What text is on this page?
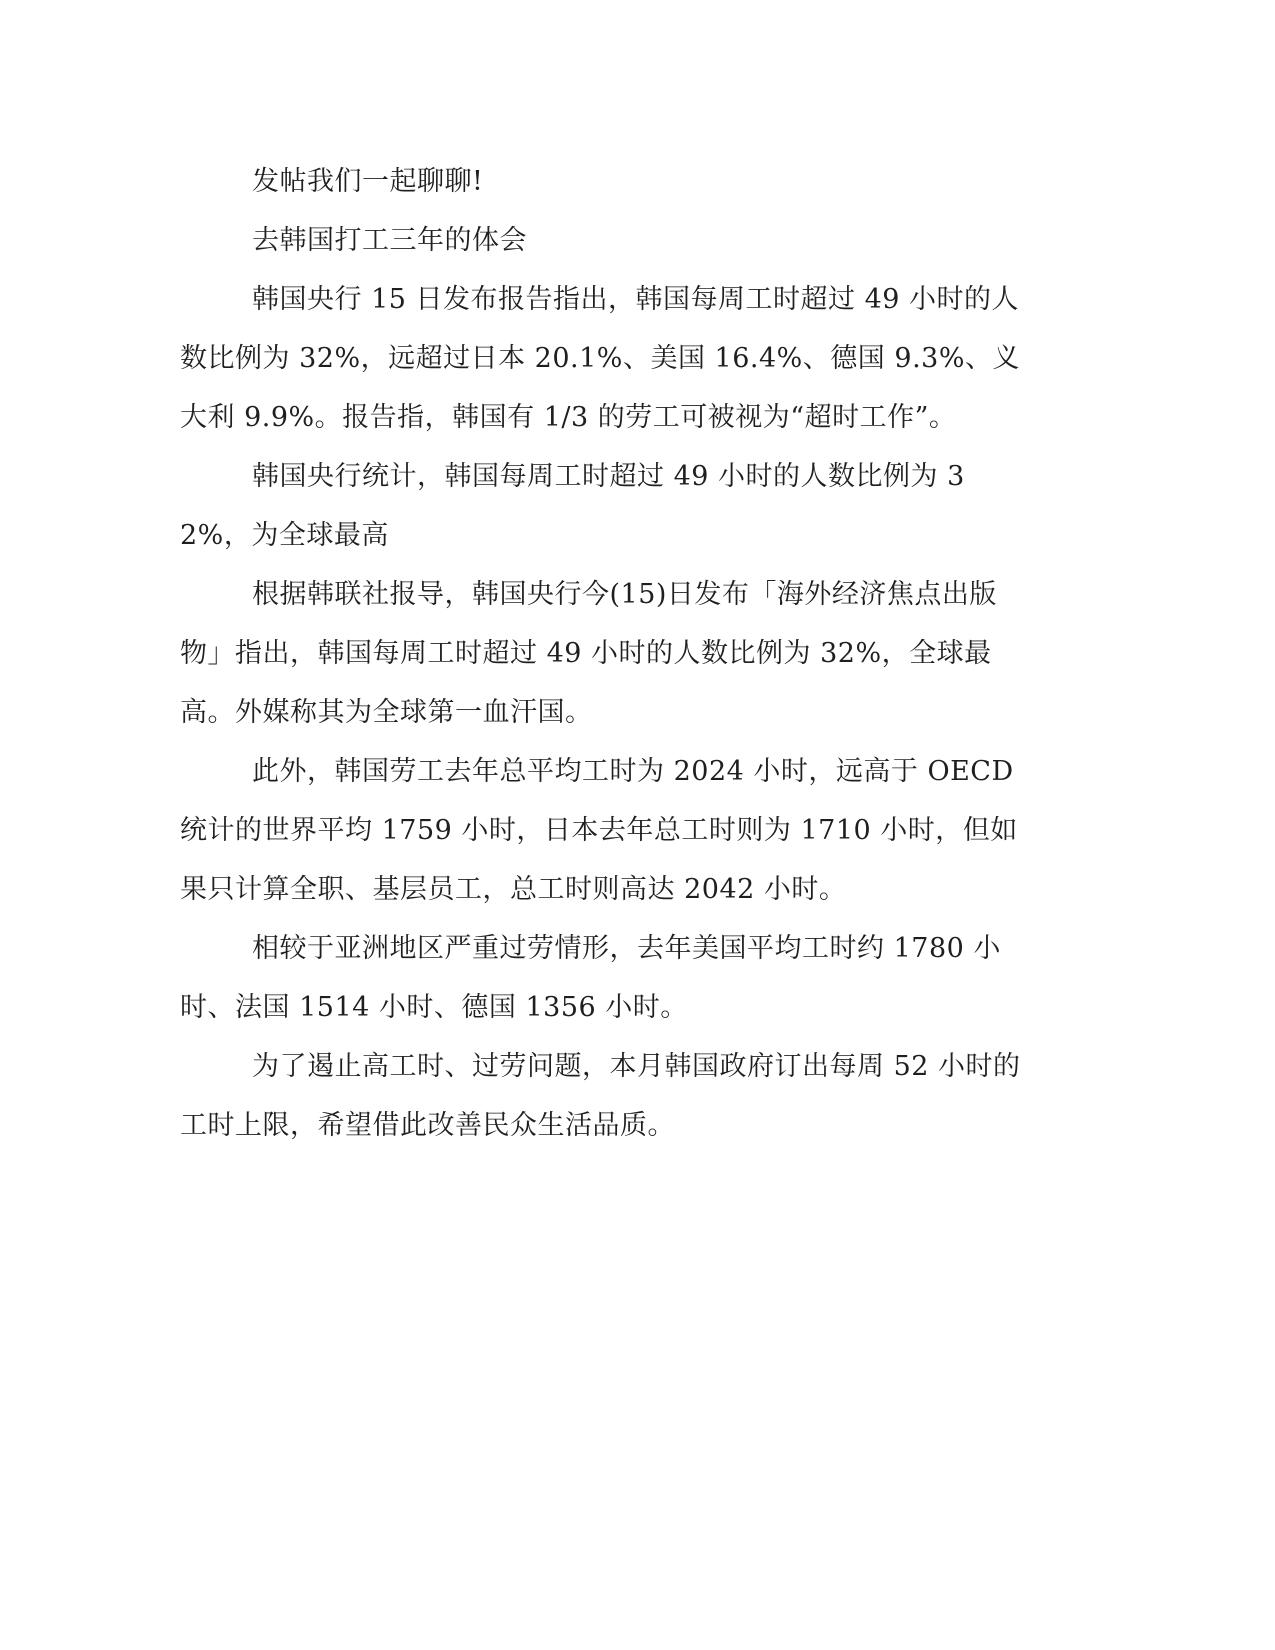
发帖我们一起聊聊!

去韩国打工三年的体会

韩国央行 15 日发布报告指出，韩国每周工时超过 49 小时的人数比例为 32%，远超过日本 20.1%、美国 16.4%、德国 9.3%、义大利 9.9%。报告指，韩国有 1/3 的劳工可被视为“超时工作”。

韩国央行统计，韩国每周工时超过 49 小时的人数比例为 32%，为全球最高

根据韩联社报导，韩国央行今(15)日发布「海外经济焦点出版物」指出，韩国每周工时超过 49 小时的人数比例为 32%，全球最高。外媒称其为全球第一血汗国。

此外，韩国劳工去年总平均工时为 2024 小时，远高于 OECD 统计的世界平均 1759 小时，日本去年总工时则为 1710 小时，但如果只计算全职、基层员工，总工时则高达 2042 小时。

相较于亚洲地区严重过劳情形，去年美国平均工时约 1780 小时、法国 1514 小时、德国 1356 小时。

为了遏止高工时、过劳问题，本月韩国政府订出每周 52 小时的工时上限，希望借此改善民众生活品质。
